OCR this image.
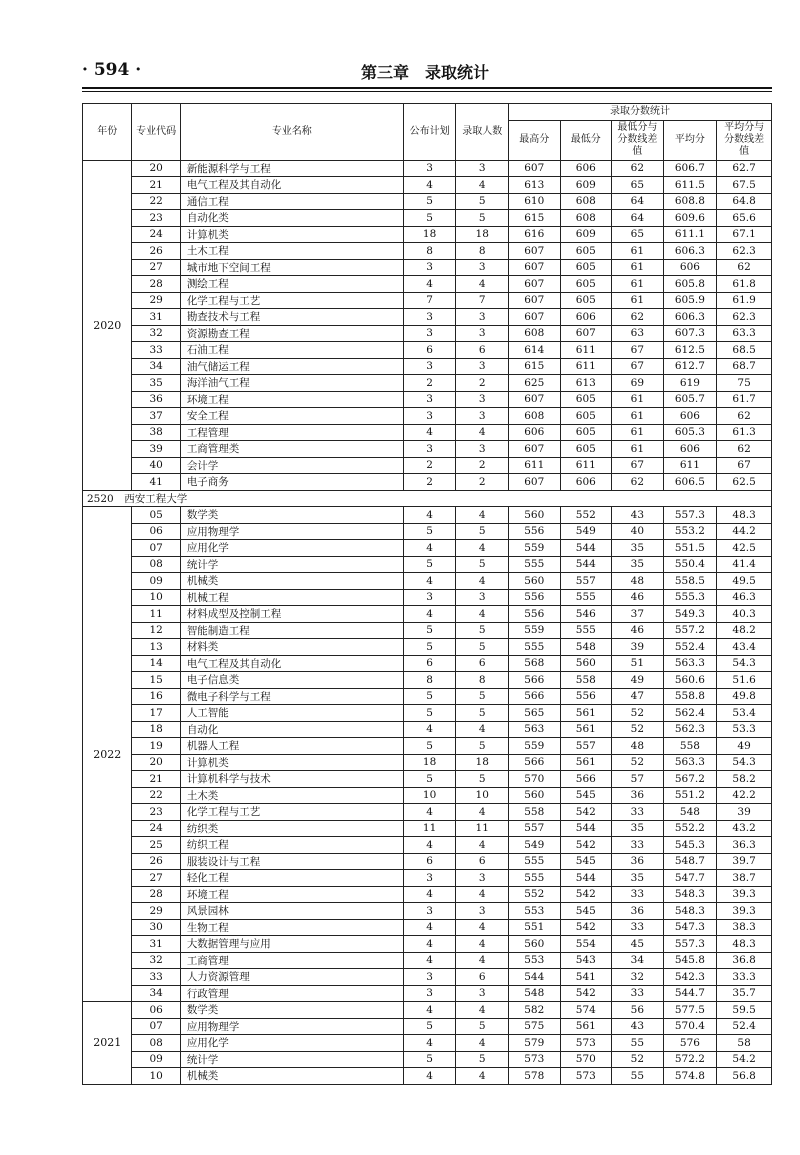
· 594 ·	第三章　录取统计
年份	专业代码	专业名称	公布计划	录取人数	录取分数统计				
					最高分	最低分	最低分与分数线差值	平均分	平均分与分数线差值
2020	20	新能源科学与工程	3	3	607	606	62	606.7	62.7
	21	电气工程及其自动化	4	4	613	609	65	611.5	67.5
	22	通信工程	5	5	610	608	64	608.8	64.8
	23	自动化类	5	5	615	608	64	609.6	65.6
	24	计算机类	18	18	616	609	65	611.1	67.1
	26	土木工程	8	8	607	605	61	606.3	62.3
	27	城市地下空间工程	3	3	607	605	61	606	62
	28	测绘工程	4	4	607	605	61	605.8	61.8
	29	化学工程与工艺	7	7	607	605	61	605.9	61.9
	31	勘查技术与工程	3	3	607	606	62	606.3	62.3
	32	资源勘查工程	3	3	608	607	63	607.3	63.3
	33	石油工程	6	6	614	611	67	612.5	68.5
	34	油气储运工程	3	3	615	611	67	612.7	68.7
	35	海洋油气工程	2	2	625	613	69	619	75
	36	环境工程	3	3	607	605	61	605.7	61.7
	37	安全工程	3	3	608	605	61	606	62
	38	工程管理	4	4	606	605	61	605.3	61.3
	39	工商管理类	3	3	607	605	61	606	62
	40	会计学	2	2	611	611	67	611	67
	41	电子商务	2	2	607	606	62	606.5	62.5
2520　西安工程大学									
2022	05	数学类	4	4	560	552	43	557.3	48.3
	06	应用物理学	5	5	556	549	40	553.2	44.2
	07	应用化学	4	4	559	544	35	551.5	42.5
	08	统计学	5	5	555	544	35	550.4	41.4
	09	机械类	4	4	560	557	48	558.5	49.5
	10	机械工程	3	3	556	555	46	555.3	46.3
	11	材料成型及控制工程	4	4	556	546	37	549.3	40.3
	12	智能制造工程	5	5	559	555	46	557.2	48.2
	13	材料类	5	5	555	548	39	552.4	43.4
	14	电气工程及其自动化	6	6	568	560	51	563.3	54.3
	15	电子信息类	8	8	566	558	49	560.6	51.6
	16	微电子科学与工程	5	5	566	556	47	558.8	49.8
	17	人工智能	5	5	565	561	52	562.4	53.4
	18	自动化	4	4	563	561	52	562.3	53.3
	19	机器人工程	5	5	559	557	48	558	49
	20	计算机类	18	18	566	561	52	563.3	54.3
	21	计算机科学与技术	5	5	570	566	57	567.2	58.2
	22	土木类	10	10	560	545	36	551.2	42.2
	23	化学工程与工艺	4	4	558	542	33	548	39
	24	纺织类	11	11	557	544	35	552.2	43.2
	25	纺织工程	4	4	549	542	33	545.3	36.3
	26	服装设计与工程	6	6	555	545	36	548.7	39.7
	27	轻化工程	3	3	555	544	35	547.7	38.7
	28	环境工程	4	4	552	542	33	548.3	39.3
	29	风景园林	3	3	553	545	36	548.3	39.3
	30	生物工程	4	4	551	542	33	547.3	38.3
	31	大数据管理与应用	4	4	560	554	45	557.3	48.3
	32	工商管理	4	4	553	543	34	545.8	36.8
	33	人力资源管理	3	6	544	541	32	542.3	33.3
	34	行政管理	3	3	548	542	33	544.7	35.7
2021	06	数学类	4	4	582	574	56	577.5	59.5
	07	应用物理学	5	5	575	561	43	570.4	52.4
	08	应用化学	4	4	579	573	55	576	58
	09	统计学	5	5	573	570	52	572.2	54.2
	10	机械类	4	4	578	573	55	574.8	56.8
